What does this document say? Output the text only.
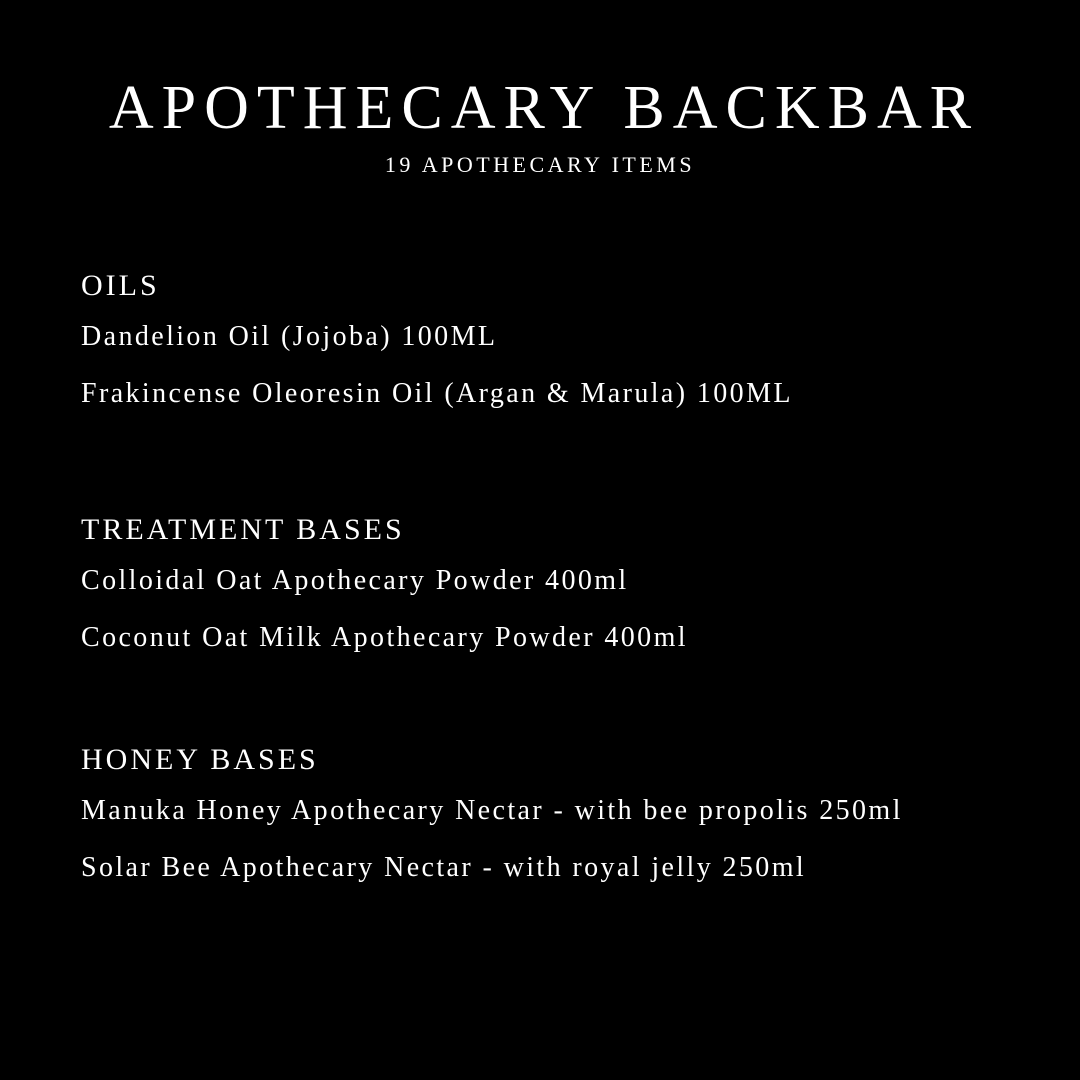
APOTHECARY BACKBAR
19 APOTHECARY ITEMS
OILS
Dandelion Oil (Jojoba) 100ML
Frakincense Oleoresin Oil (Argan & Marula) 100ML
TREATMENT BASES
Colloidal Oat Apothecary Powder 400ml
Coconut Oat Milk Apothecary Powder 400ml
HONEY BASES
Manuka Honey Apothecary Nectar - with bee propolis 250ml
Solar Bee Apothecary Nectar - with royal jelly 250ml
